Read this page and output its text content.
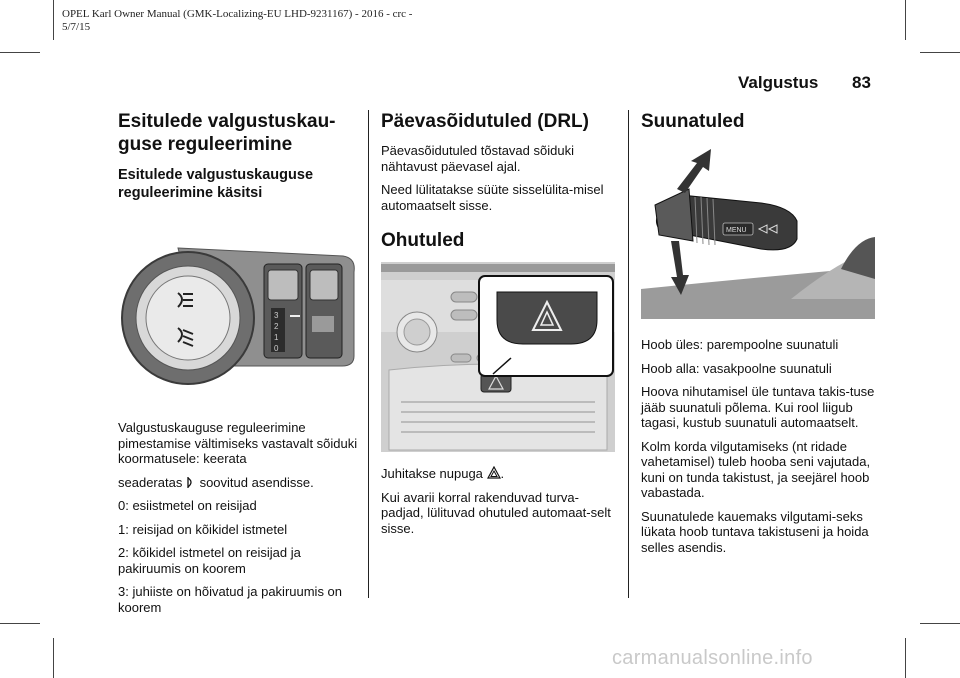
OPEL Karl Owner Manual (GMK-Localizing-EU LHD-9231167) - 2016 - crc -
5/7/15
Valgustus 83
Esitulede valgustuskau-
guse reguleerimine
Esitulede valgustuskauguse
reguleerimine käsitsi
3
2
1
0

Valgustuskauguse reguleerimine pimestamise vältimiseks vastavalt sõiduki koormatusele: keerata

seaderatas soovitud asendisse.

0: esiistmetel on reisijad

1: reisijad on kõikidel istmetel

2: kõikidel istmetel on reisijad ja pakiruumis on koorem

3: juhiiste on hõivatud ja pakiruumis on koorem

Päevasõidutuled (DRL)

Päevasõidutuled tõstavad sõiduki nähtavust päevasel ajal.

Need lülitatakse süüte sisselülita-misel automaatselt sisse.

Ohutuled

Juhitakse nupuga .

Kui avarii korral rakenduvad turva-padjad, lülituvad ohutuled automaat-selt sisse.

Suunatuled
MENU

Hoob üles: parempoolne suunatuli

Hoob alla: vasakpoolne suunatuli

Hoova nihutamisel üle tuntava takis-tuse jääb suunatuli põlema. Kui rool liigub tagasi, kustub suunatuli automaatselt.

Kolm korda vilgutamiseks (nt ridade vahetamisel) tuleb hooba seni vajutada, kuni on tunda takistust, ja seejärel hoob vabastada.

Suunatulede kauemaks vilgutami-seks lükata hoob tuntava takistuseni ja hoida selles asendis.

carmanualsonline.info
